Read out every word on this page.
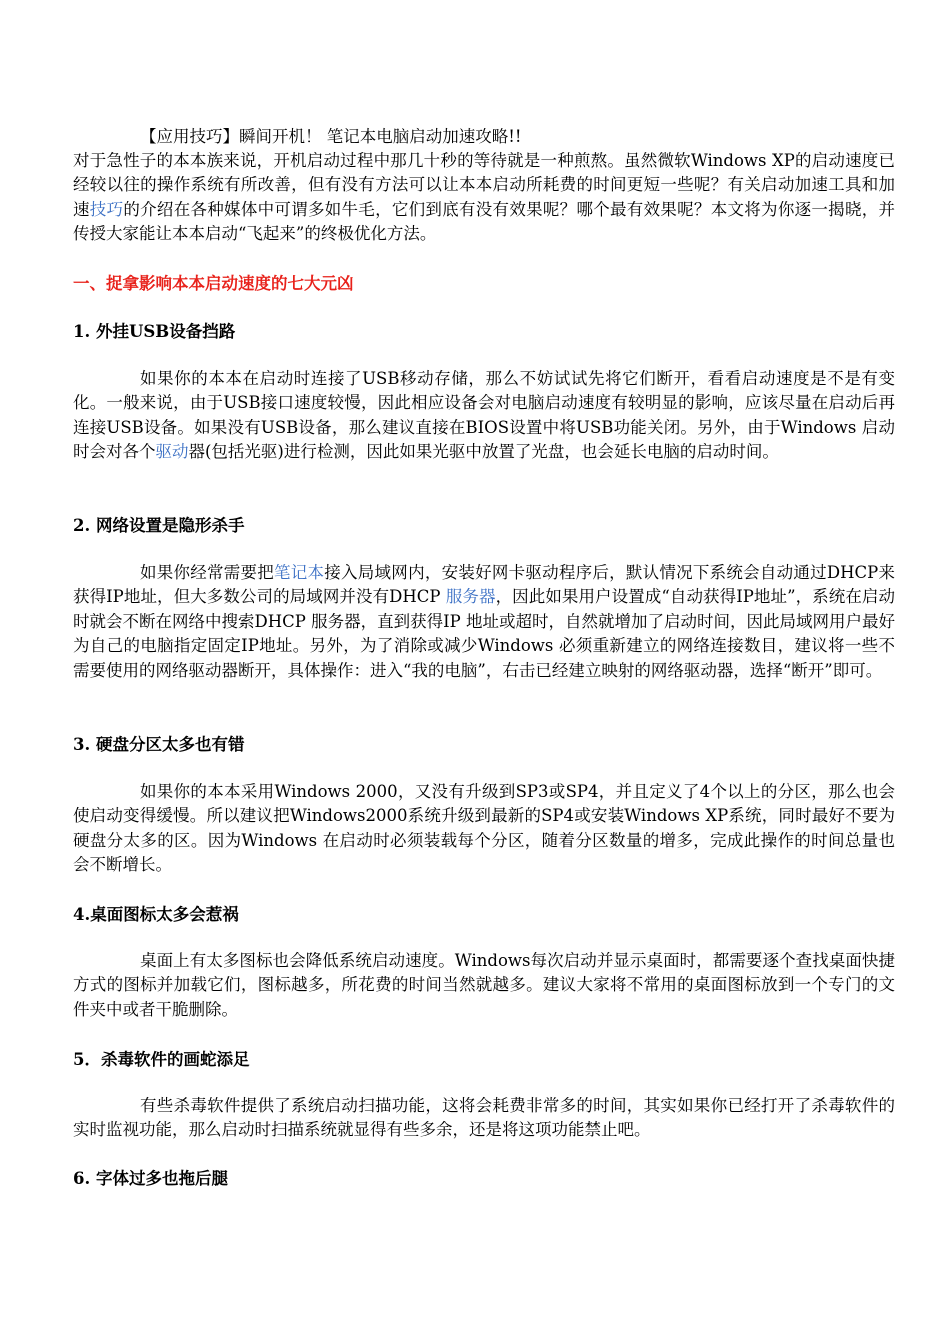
【应用技巧】瞬间开机！ 笔记本电脑启动加速攻略!!
对于急性子的本本族来说，开机启动过程中那几十秒的等待就是一种煎熬。虽然微软Windows XP的启动速度已经较以往的操作系统有所改善，但有没有方法可以让本本启动所耗费的时间更短一些呢？有关启动加速工具和加速技巧的介绍在各种媒体中可谓多如牛毛，它们到底有没有效果呢？哪个最有效果呢？本文将为你逐一揭晓，并传授大家能让本本启动“飞起来”的终极优化方法。
一、捉拿影响本本启动速度的七大元凶
1. 外挂USB设备挡路
如果你的本本在启动时连接了USB移动存储，那么不妨试试先将它们断开，看看启动速度是不是有变化。一般来说，由于USB接口速度较慢，因此相应设备会对电脑启动速度有较明显的影响，应该尽量在启动后再连接USB设备。如果没有USB设备，那么建议直接在BIOS设置中将USB功能关闭。另外，由于Windows 启动时会对各个驱动器(包括光驱)进行检测，因此如果光驱中放置了光盘，也会延长电脑的启动时间。
2. 网络设置是隐形杀手
如果你经常需要把笔记本接入局域网内，安装好网卡驱动程序后，默认情况下系统会自动通过DHCP来获得IP地址，但大多数公司的局域网并没有DHCP 服务器，因此如果用户设置成“自动获得IP地址”，系统在启动时就会不断在网络中搜索DHCP 服务器，直到获得IP 地址或超时，自然就增加了启动时间，因此局域网用户最好为自己的电脑指定固定IP地址。另外，为了消除或减少Windows 必须重新建立的网络连接数目，建议将一些不需要使用的网络驱动器断开，具体操作：进入“我的电脑”，右击已经建立映射的网络驱动器，选择“断开”即可。
3. 硬盘分区太多也有错
如果你的本本采用Windows 2000，又没有升级到SP3或SP4，并且定义了4个以上的分区，那么也会使启动变得缓慢。所以建议把Windows2000系统升级到最新的SP4或安装Windows XP系统，同时最好不要为硬盘分太多的区。因为Windows 在启动时必须装载每个分区，随着分区数量的增多，完成此操作的时间总量也会不断增长。
4.桌面图标太多会惹祸
桌面上有太多图标也会降低系统启动速度。Windows每次启动并显示桌面时，都需要逐个查找桌面快捷方式的图标并加载它们，图标越多，所花费的时间当然就越多。建议大家将不常用的桌面图标放到一个专门的文件夹中或者干脆删除。
5．杀毒软件的画蛇添足
有些杀毒软件提供了系统启动扫描功能，这将会耗费非常多的时间，其实如果你已经打开了杀毒软件的实时监视功能，那么启动时扫描系统就显得有些多余，还是将这项功能禁止吧。
6. 字体过多也拖后腿
